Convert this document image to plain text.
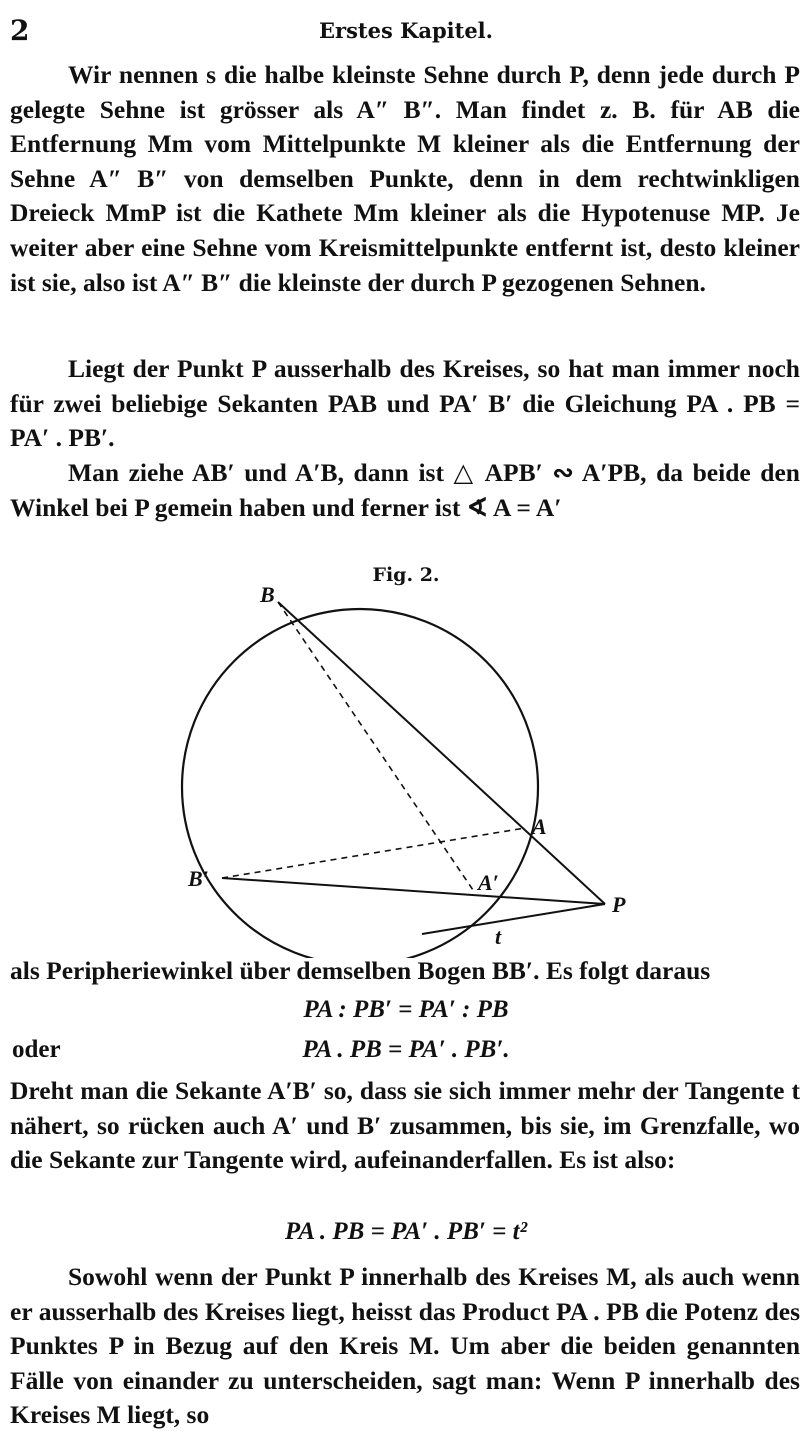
2	Erstes Kapitel.

Wir nennen s die halbe kleinste Sehne durch P, denn jede durch P gelegte Sehne ist grösser als A″ B″. Man findet z. B. für AB die Entfernung Mm vom Mittelpunkte M kleiner als die Entfernung der Sehne A″ B″ von demselben Punkte, denn in dem rechtwinkligen Dreieck MmP ist die Kathete Mm kleiner als die Hypotenuse MP. Je weiter aber eine Sehne vom Kreismittelpunkte entfernt ist, desto kleiner ist sie, also ist A″ B″ die kleinste der durch P gezogenen Sehnen.

Liegt der Punkt P ausserhalb des Kreises, so hat man immer noch für zwei beliebige Sekanten PAB und PA′ B′ die Gleichung PA . PB = PA′ . PB′.

Man ziehe AB′ und A′B, dann ist △ APB′ ∾ A′PB, da beide den Winkel bei P gemein haben und ferner ist ∢ A = A′

Fig. 2.
B
A
B′	A′
P
t

als Peripheriewinkel über demselben Bogen BB′. Es folgt daraus

PA : PB′ = PA′ : PB
oder	PA . PB = PA′ . PB′.

Dreht man die Sekante A′B′ so, dass sie sich immer mehr der Tangente t nähert, so rücken auch A′ und B′ zusammen, bis sie, im Grenzfalle, wo die Sekante zur Tangente wird, aufeinanderfallen. Es ist also:

PA . PB = PA′ . PB′ = t²

Sowohl wenn der Punkt P innerhalb des Kreises M, als auch wenn er ausserhalb des Kreises liegt, heisst das Product PA . PB die Potenz des Punktes P in Bezug auf den Kreis M. Um aber die beiden genannten Fälle von einander zu unterscheiden, sagt man: Wenn P innerhalb des Kreises M liegt, so
